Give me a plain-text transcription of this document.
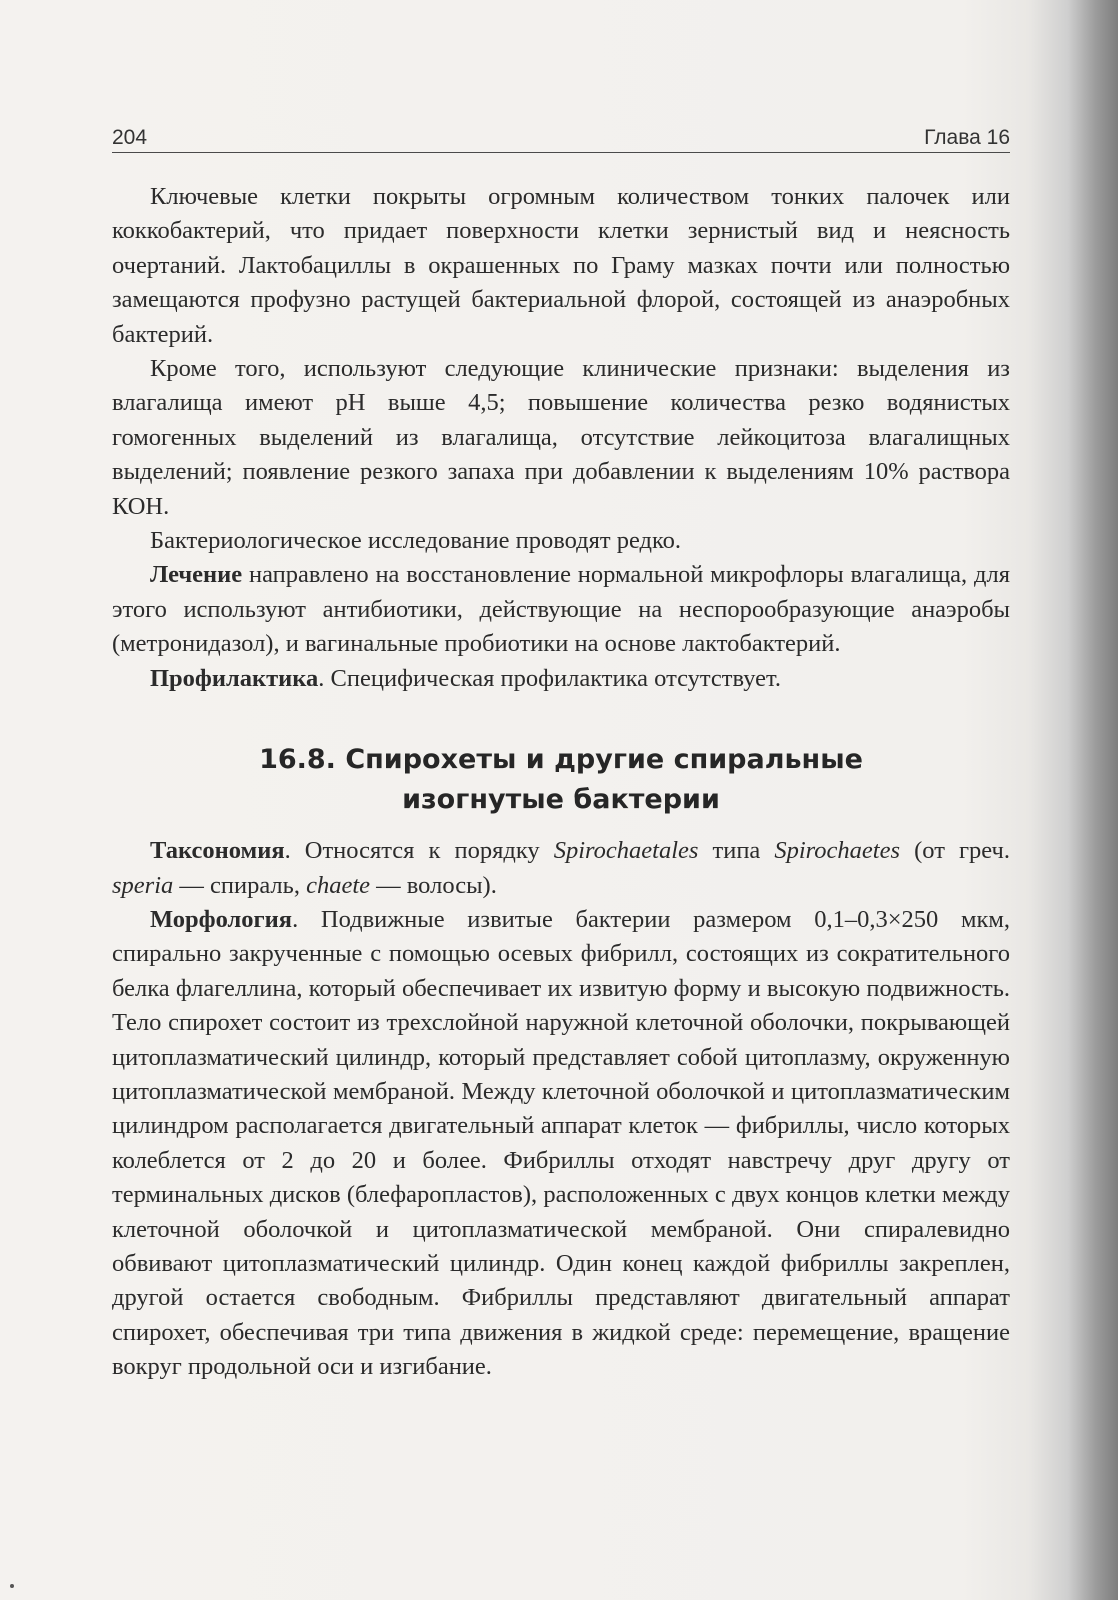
204	Глава 16

Ключевые клетки покрыты огромным количеством тонких палочек или коккобактерий, что придает поверхности клетки зернистый вид и неясность очертаний. Лактобациллы в окрашенных по Граму мазках почти или полностью замещаются профузно растущей бактериальной флорой, состоящей из анаэробных бактерий.

Кроме того, используют следующие клинические признаки: выделения из влагалища имеют pH выше 4,5; повышение количества резко водянистых гомогенных выделений из влагалища, отсутствие лейкоцитоза влагалищных выделений; появление резкого запаха при добавлении к выделениям 10% раствора КОН.

Бактериологическое исследование проводят редко.

Лечение направлено на восстановление нормальной микрофлоры влагалища, для этого используют антибиотики, действующие на неспорообразующие анаэробы (метронидазол), и вагинальные пробиотики на основе лактобактерий.

Профилактика. Специфическая профилактика отсутствует.

16.8. Спирохеты и другие спиральные
изогнутые бактерии

Таксономия. Относятся к порядку Spirochaetales типа Spirochaetes (от греч. speria — спираль, chaete — волосы).

Морфология. Подвижные извитые бактерии размером 0,1–0,3×250 мкм, спирально закрученные с помощью осевых фибрилл, состоящих из сократительного белка флагеллина, который обеспечивает их извитую форму и высокую подвижность. Тело спирохет состоит из трехслойной наружной клеточной оболочки, покрывающей цитоплазматический цилиндр, который представляет собой цитоплазму, окруженную цитоплазматической мембраной. Между клеточной оболочкой и цитоплазматическим цилиндром располагается двигательный аппарат клеток — фибриллы, число которых колеблется от 2 до 20 и более. Фибриллы отходят навстречу друг другу от терминальных дисков (блефаропластов), расположенных с двух концов клетки между клеточной оболочкой и цитоплазматической мембраной. Они спиралевидно обвивают цитоплазматический цилиндр. Один конец каждой фибриллы закреплен, другой остается свободным. Фибриллы представляют двигательный аппарат спирохет, обеспечивая три типа движения в жидкой среде: перемещение, вращение вокруг продольной оси и изгибание.
